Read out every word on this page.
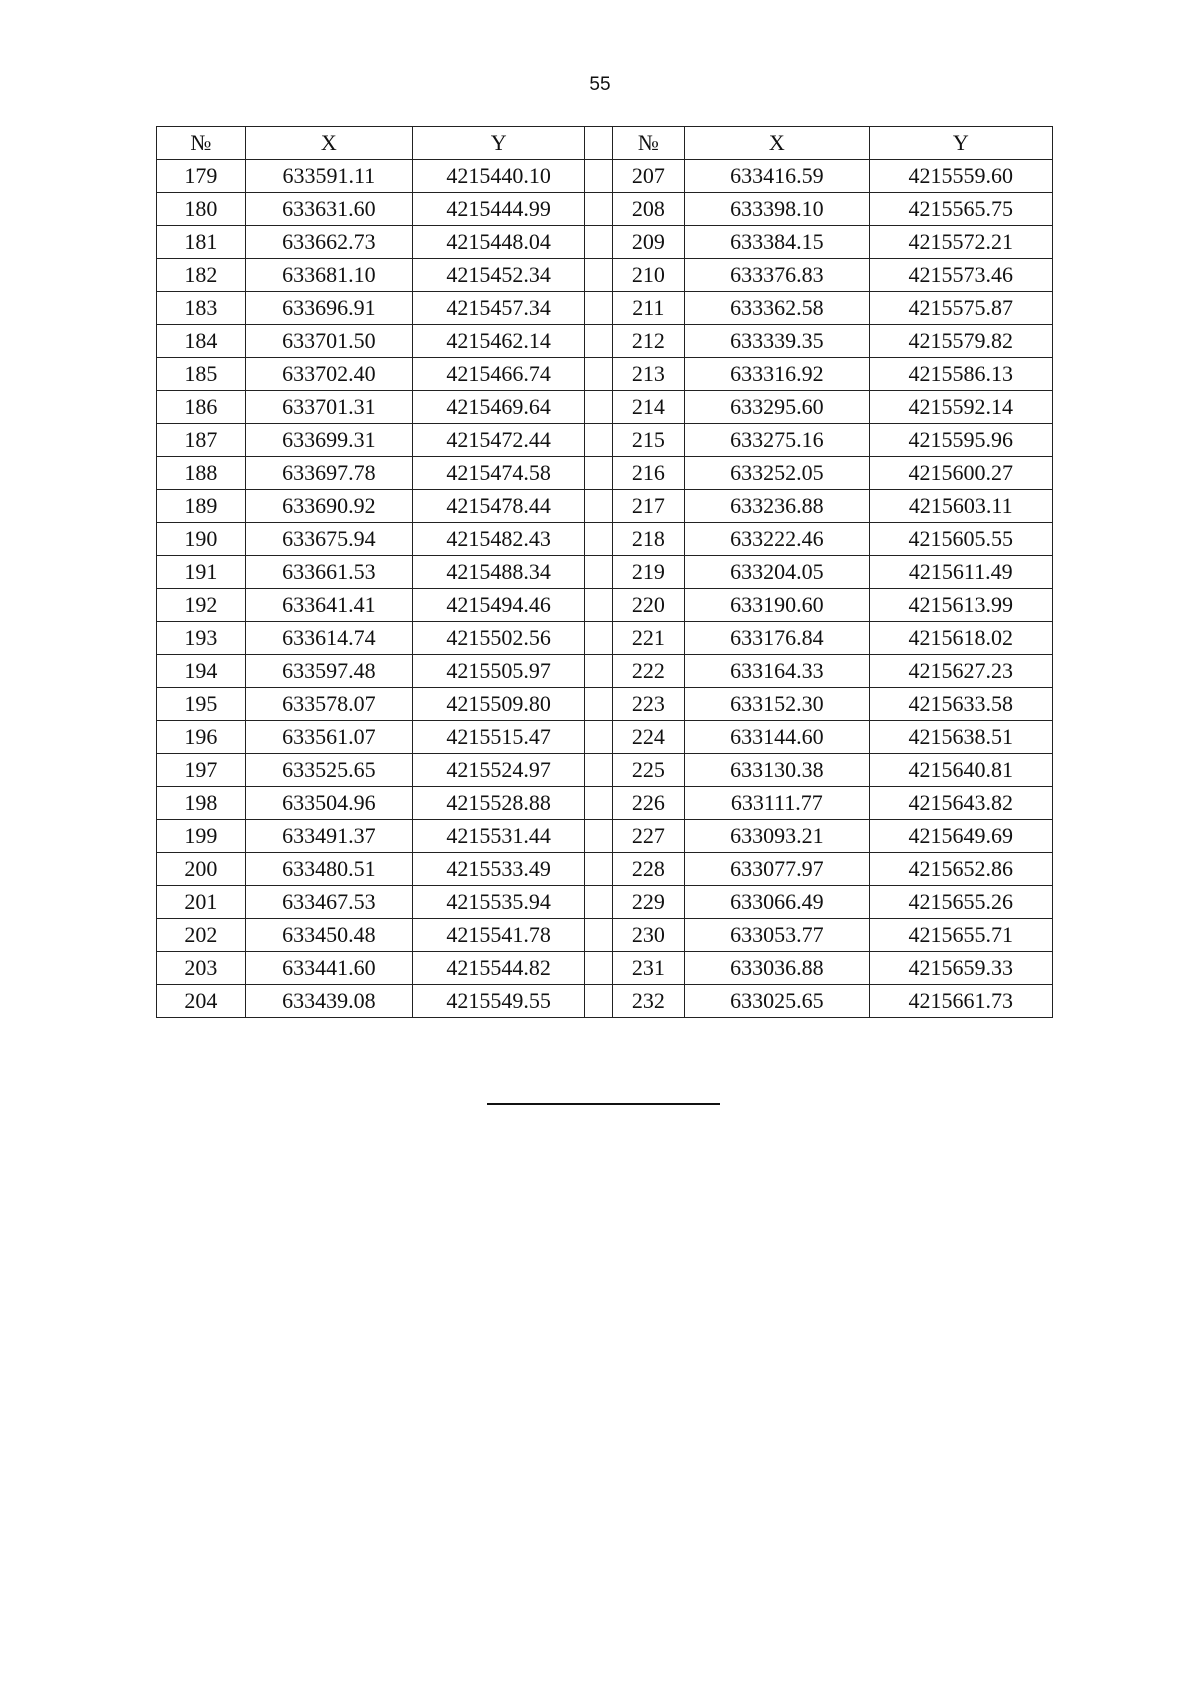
55
№	X	Y		№	X	Y
179	633591.11	4215440.10		207	633416.59	4215559.60
180	633631.60	4215444.99		208	633398.10	4215565.75
181	633662.73	4215448.04		209	633384.15	4215572.21
182	633681.10	4215452.34		210	633376.83	4215573.46
183	633696.91	4215457.34		211	633362.58	4215575.87
184	633701.50	4215462.14		212	633339.35	4215579.82
185	633702.40	4215466.74		213	633316.92	4215586.13
186	633701.31	4215469.64		214	633295.60	4215592.14
187	633699.31	4215472.44		215	633275.16	4215595.96
188	633697.78	4215474.58		216	633252.05	4215600.27
189	633690.92	4215478.44		217	633236.88	4215603.11
190	633675.94	4215482.43		218	633222.46	4215605.55
191	633661.53	4215488.34		219	633204.05	4215611.49
192	633641.41	4215494.46		220	633190.60	4215613.99
193	633614.74	4215502.56		221	633176.84	4215618.02
194	633597.48	4215505.97		222	633164.33	4215627.23
195	633578.07	4215509.80		223	633152.30	4215633.58
196	633561.07	4215515.47		224	633144.60	4215638.51
197	633525.65	4215524.97		225	633130.38	4215640.81
198	633504.96	4215528.88		226	633111.77	4215643.82
199	633491.37	4215531.44		227	633093.21	4215649.69
200	633480.51	4215533.49		228	633077.97	4215652.86
201	633467.53	4215535.94		229	633066.49	4215655.26
202	633450.48	4215541.78		230	633053.77	4215655.71
203	633441.60	4215544.82		231	633036.88	4215659.33
204	633439.08	4215549.55		232	633025.65	4215661.73
